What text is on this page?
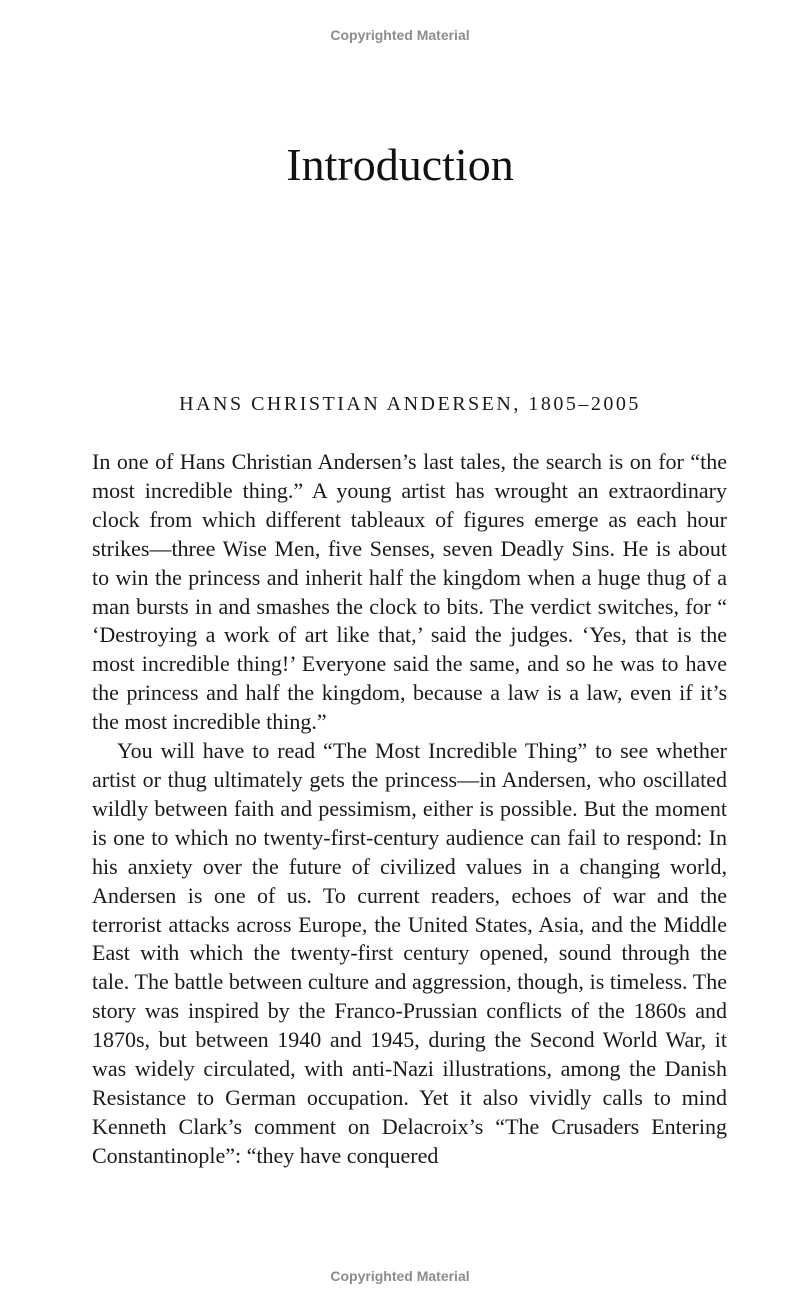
Copyrighted Material
Introduction
HANS CHRISTIAN ANDERSEN, 1805–2005

In one of Hans Christian Andersen’s last tales, the search is on for “the most incredible thing.” A young artist has wrought an extraordinary clock from which different tableaux of figures emerge as each hour strikes—three Wise Men, five Senses, seven Deadly Sins. He is about to win the princess and inherit half the kingdom when a huge thug of a man bursts in and smashes the clock to bits. The verdict switches, for “ ‘Destroying a work of art like that,’ said the judges. ‘Yes, that is the most incredible thing!’ Everyone said the same, and so he was to have the princess and half the kingdom, because a law is a law, even if it’s the most incredible thing.”

You will have to read “The Most Incredible Thing” to see whether artist or thug ultimately gets the princess—in Andersen, who oscillated wildly between faith and pessimism, either is possible. But the moment is one to which no twenty-first-century audience can fail to respond: In his anxiety over the future of civilized values in a changing world, Andersen is one of us. To current readers, echoes of war and the terrorist attacks across Europe, the United States, Asia, and the Middle East with which the twenty-first century opened, sound through the tale. The battle between culture and aggression, though, is timeless. The story was inspired by the Franco-Prussian conflicts of the 1860s and 1870s, but between 1940 and 1945, during the Second World War, it was widely circulated, with anti-Nazi illustrations, among the Danish Resistance to German occupation. Yet it also vividly calls to mind Kenneth Clark’s comment on Delacroix’s “The Crusaders Entering Constantinople”: “they have conquered

Copyrighted Material
